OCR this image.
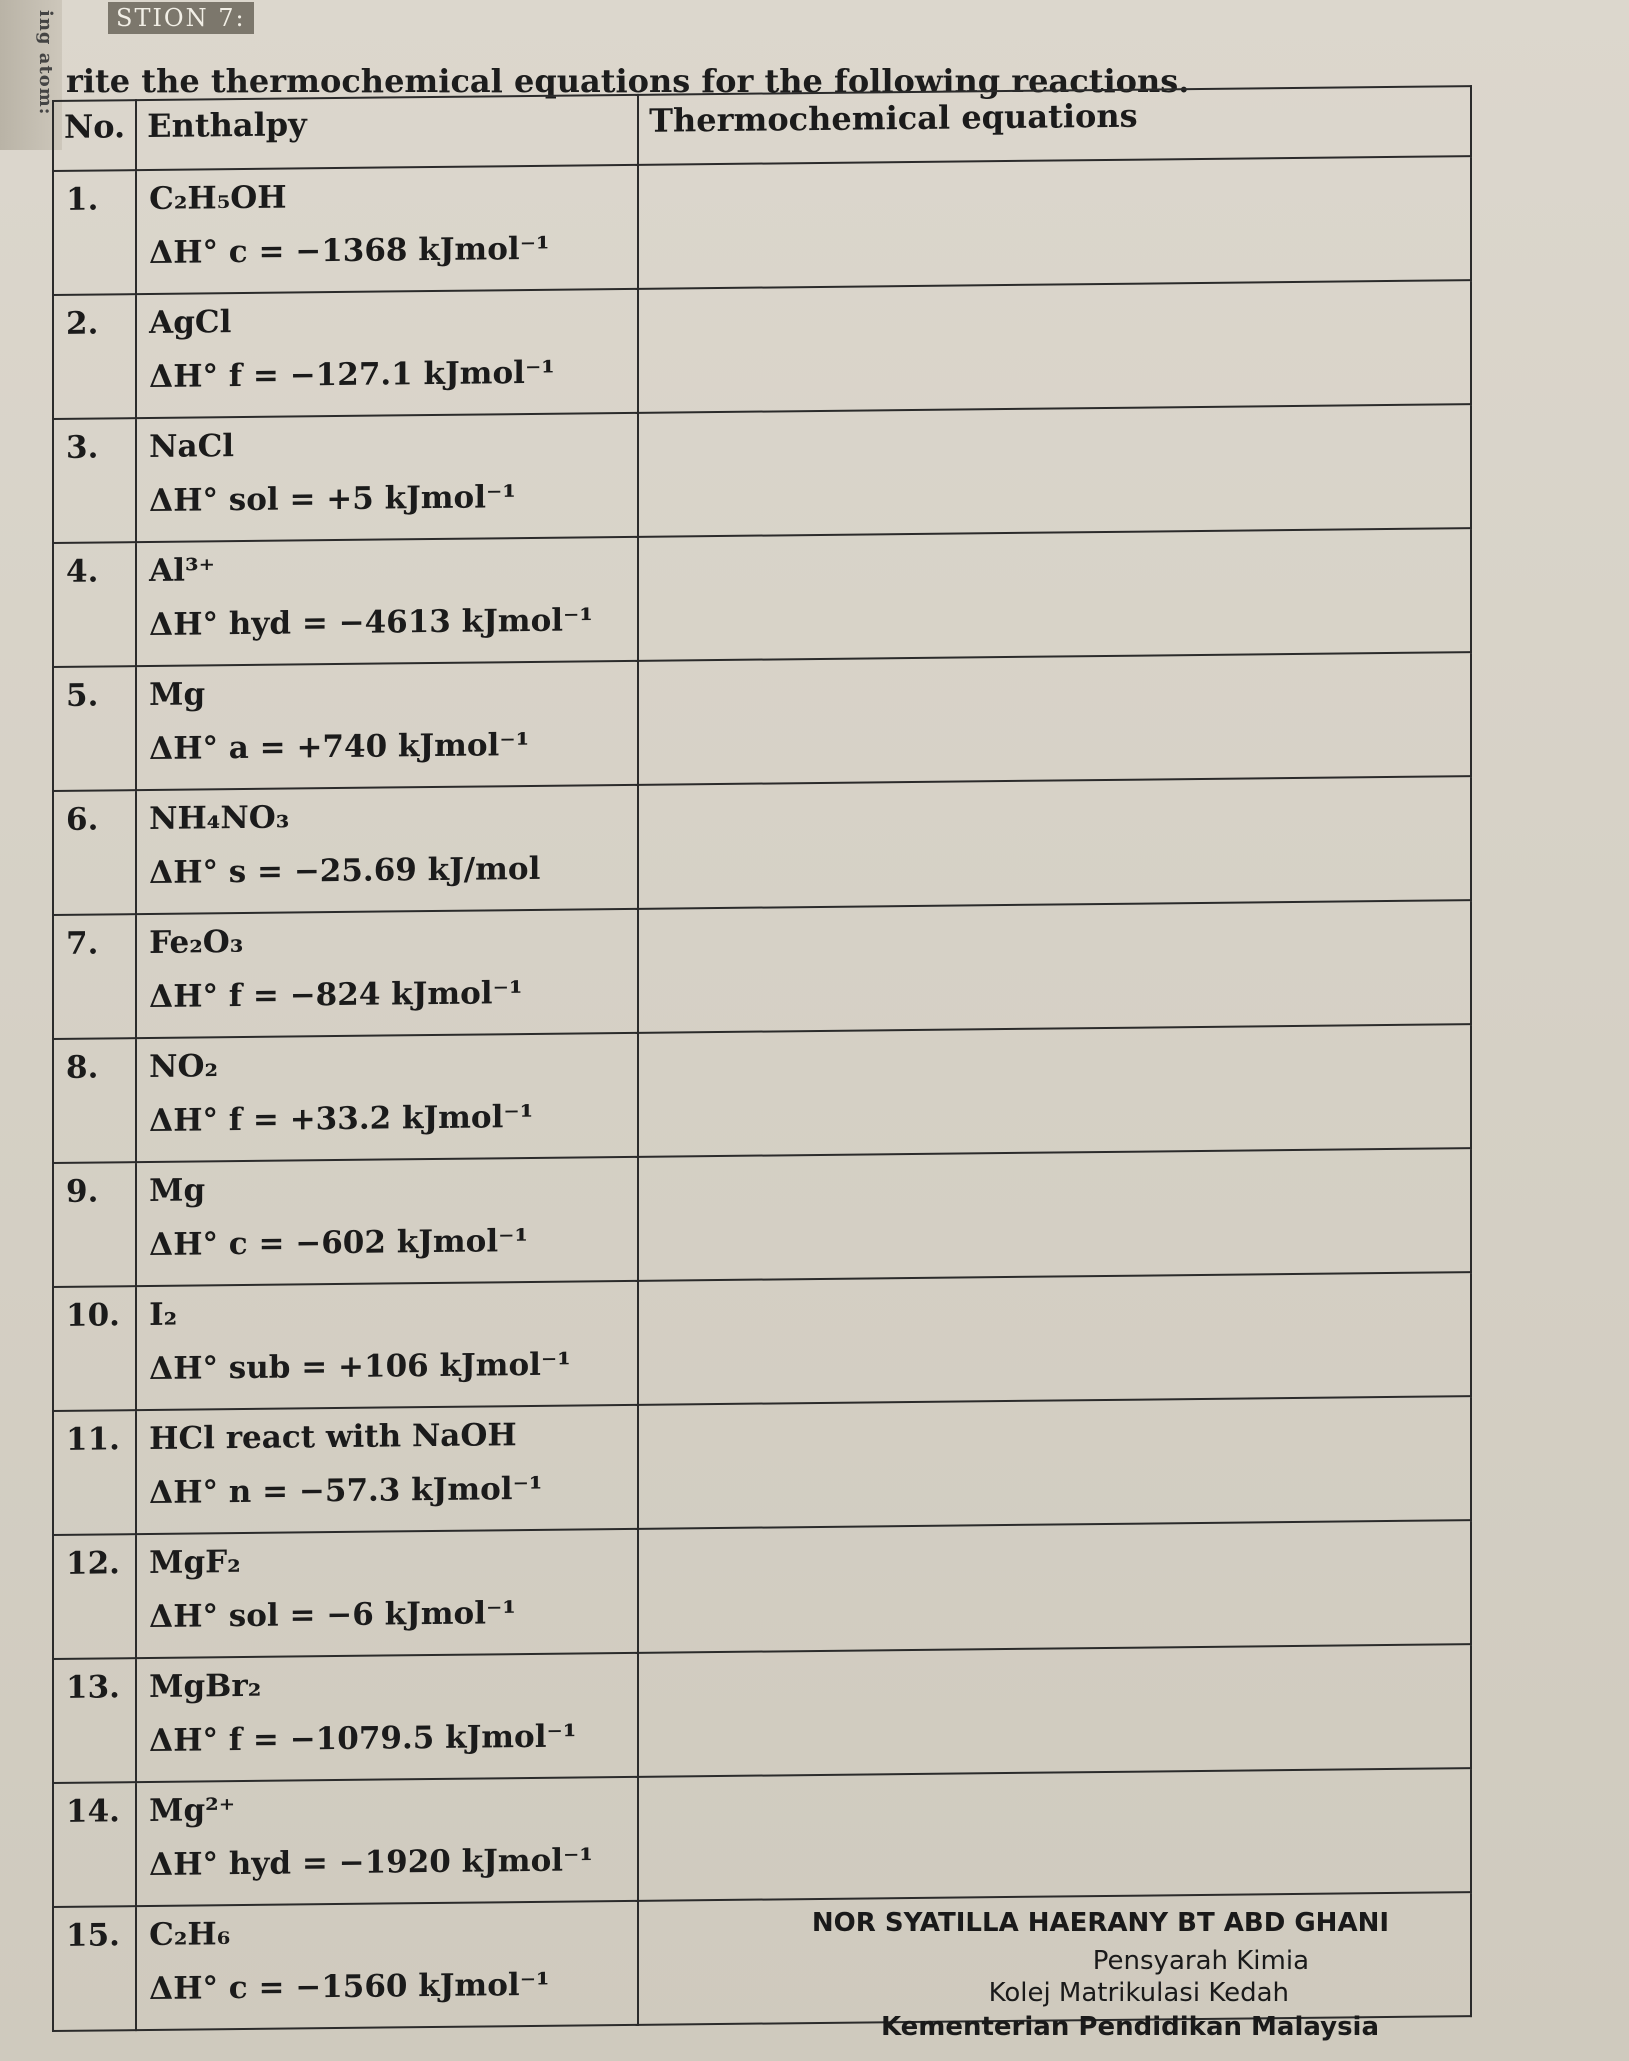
ing atom:	STION 7:
rite the thermochemical equations for the following reactions.
No.	Enthalpy	Thermochemical equations
1.	C₂H₅OH
ΔH° c = −1368 kJmol⁻¹	

2.	AgCl
ΔH° f = −127.1 kJmol⁻¹	

3.	NaCl
ΔH° sol = +5 kJmol⁻¹	

4.	Al³⁺
ΔH° hyd = −4613 kJmol⁻¹	

5.	Mg
ΔH° a = +740 kJmol⁻¹	

6.	NH₄NO₃
ΔH° s = −25.69 kJ/mol	

7.	Fe₂O₃
ΔH° f = −824 kJmol⁻¹	

8.	NO₂
ΔH° f = +33.2 kJmol⁻¹	

9.	Mg
ΔH° c = −602 kJmol⁻¹	

10.	I₂
ΔH° sub = +106 kJmol⁻¹	

11.	HCl react with NaOH
ΔH° n = −57.3 kJmol⁻¹	

12.	MgF₂
ΔH° sol = −6 kJmol⁻¹	

13.	MgBr₂
ΔH° f = −1079.5 kJmol⁻¹	

14.	Mg²⁺
ΔH° hyd = −1920 kJmol⁻¹	

15.	C₂H₆
ΔH° c = −1560 kJmol⁻¹	

NOR SYATILLA HAERANY BT ABD GHANI
Pensyarah Kimia
Kolej Matrikulasi Kedah
Kementerian Pendidikan Malaysia
